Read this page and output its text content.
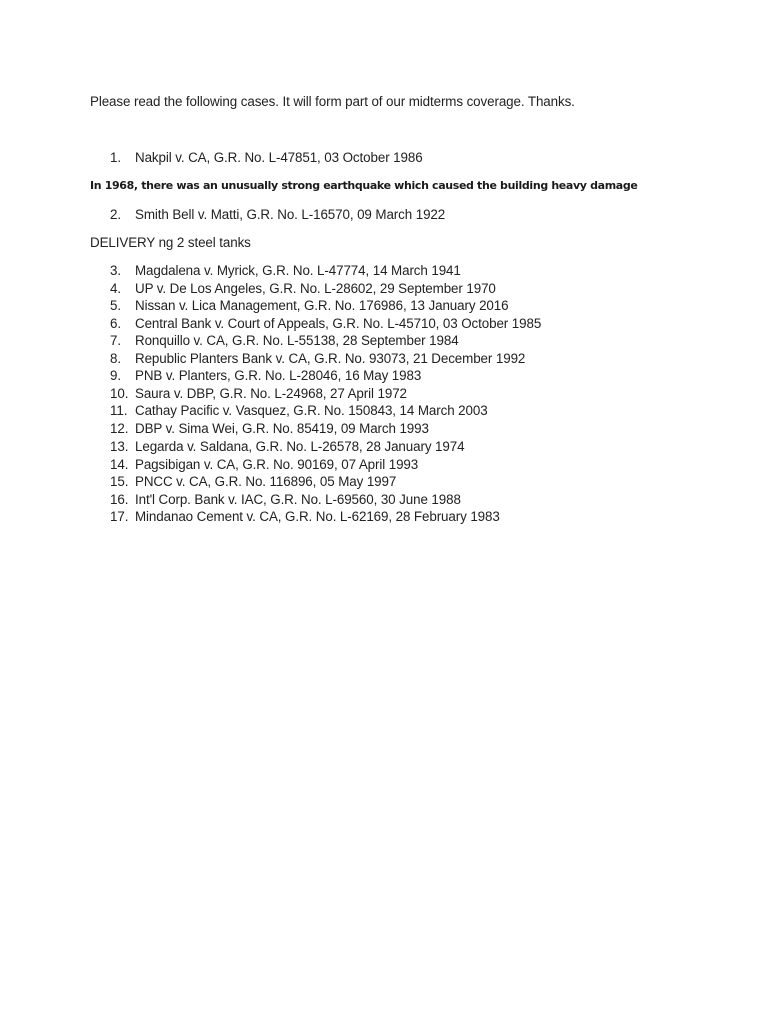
Please read the following cases. It will form part of our midterms coverage. Thanks.
1. Nakpil v. CA, G.R. No. L-47851, 03 October 1986
In 1968, there was an unusually strong earthquake which caused the building heavy damage
2. Smith Bell v. Matti, G.R. No. L-16570, 09 March 1922
DELIVERY ng 2 steel tanks
3. Magdalena v. Myrick, G.R. No. L-47774, 14 March 1941
4. UP v. De Los Angeles, G.R. No. L-28602, 29 September 1970
5. Nissan v. Lica Management, G.R. No. 176986, 13 January 2016
6. Central Bank v. Court of Appeals, G.R. No. L-45710, 03 October 1985
7. Ronquillo v. CA, G.R. No. L-55138, 28 September 1984
8. Republic Planters Bank v. CA, G.R. No. 93073, 21 December 1992
9. PNB v. Planters, G.R. No. L-28046, 16 May 1983
10. Saura v. DBP, G.R. No. L-24968, 27 April 1972
11. Cathay Pacific v. Vasquez, G.R. No. 150843, 14 March 2003
12. DBP v. Sima Wei, G.R. No. 85419, 09 March 1993
13. Legarda v. Saldana, G.R. No. L-26578, 28 January 1974
14. Pagsibigan v. CA, G.R. No. 90169, 07 April 1993
15. PNCC v. CA, G.R. No. 116896, 05 May 1997
16. Int'l Corp. Bank v. IAC, G.R. No. L-69560, 30 June 1988
17. Mindanao Cement v. CA, G.R. No. L-62169, 28 February 1983
